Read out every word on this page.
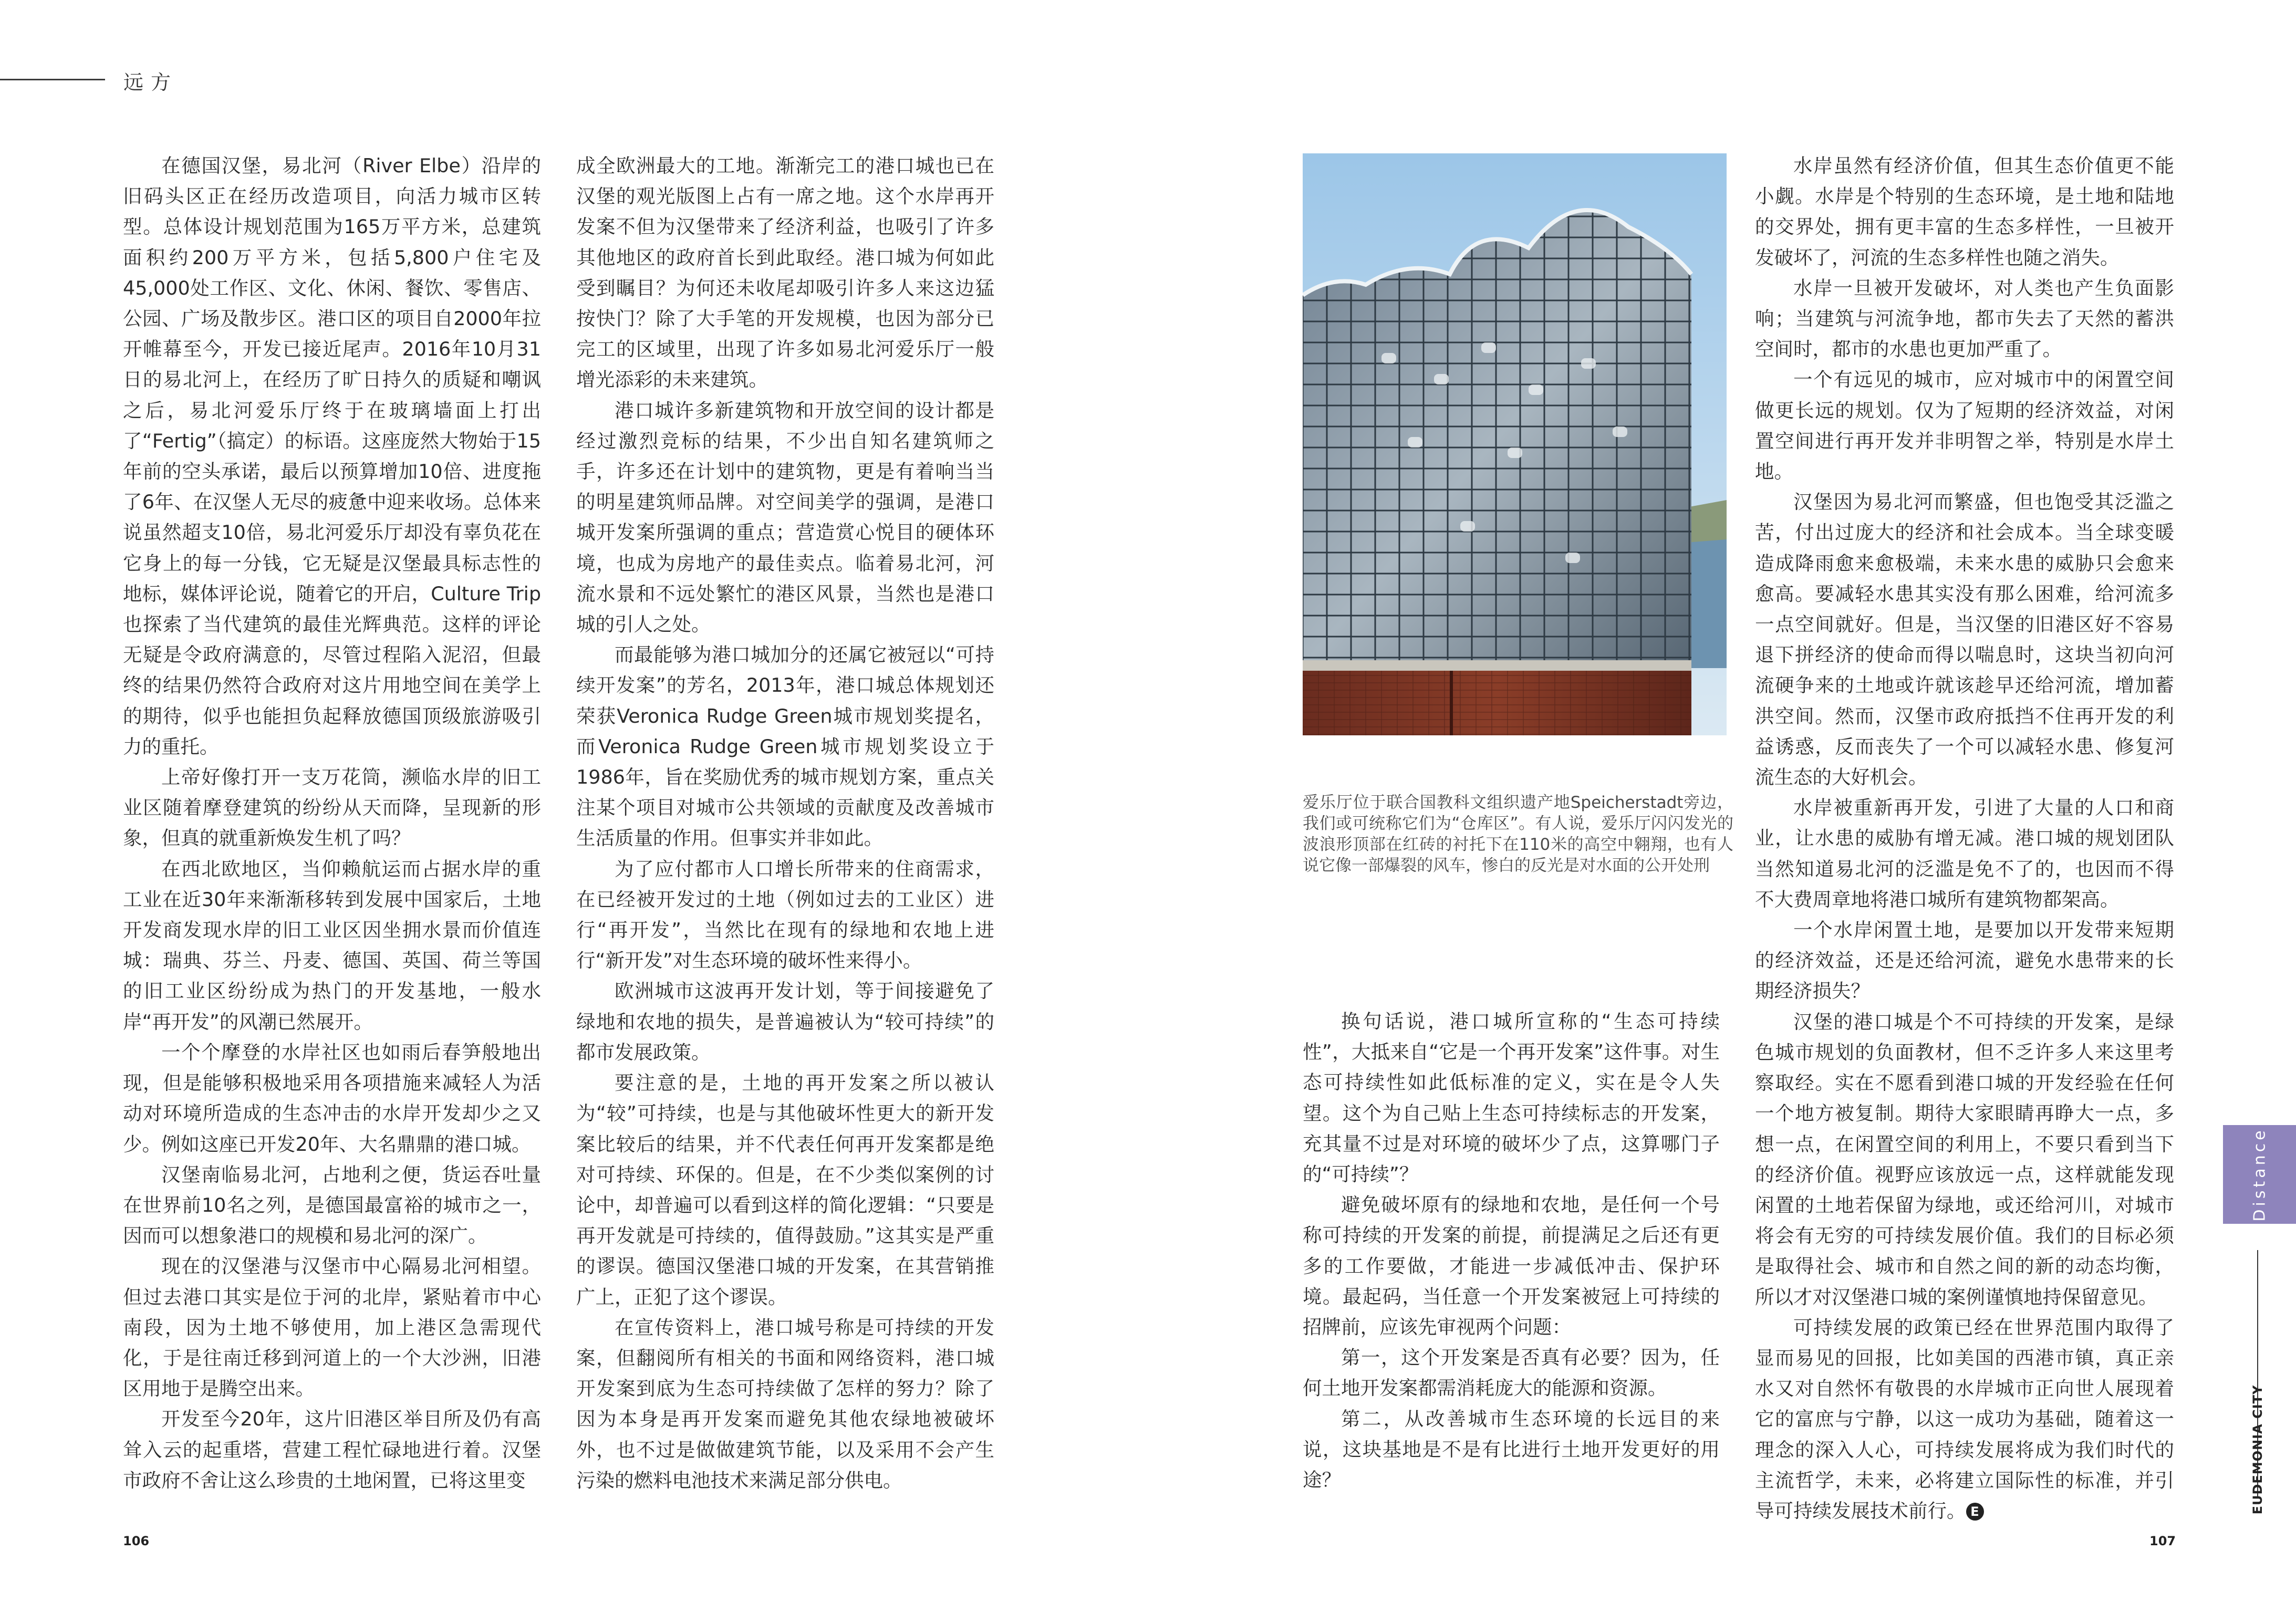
远方

在德国汉堡，易北河（River Elbe）沿岸的旧码头区正在经历改造项目，向活力城市区转型。总体设计规划范围为165万平方米，总建筑面积约200万平方米，包括5,800户住宅及45,000处工作区、文化、休闲、餐饮、零售店、公园、广场及散步区。港口区的项目自2000年拉开帷幕至今，开发已接近尾声。2016年10月31日的易北河上，在经历了旷日持久的质疑和嘲讽之后，易北河爱乐厅终于在玻璃墙面上打出了“Fertig”（搞定）的标语。这座庞然大物始于15年前的空头承诺，最后以预算增加10倍、进度拖了6年、在汉堡人无尽的疲惫中迎来收场。总体来说虽然超支10倍，易北河爱乐厅却没有辜负花在它身上的每一分钱，它无疑是汉堡最具标志性的地标，媒体评论说，随着它的开启，Culture Trip也探索了当代建筑的最佳光辉典范。这样的评论无疑是令政府满意的，尽管过程陷入泥沼，但最终的结果仍然符合政府对这片用地空间在美学上的期待，似乎也能担负起释放德国顶级旅游吸引力的重托。

上帝好像打开一支万花筒，濒临水岸的旧工业区随着摩登建筑的纷纷从天而降，呈现新的形象，但真的就重新焕发生机了吗？

在西北欧地区，当仰赖航运而占据水岸的重工业在近30年来渐渐移转到发展中国家后，土地开发商发现水岸的旧工业区因坐拥水景而价值连城：瑞典、芬兰、丹麦、德国、英国、荷兰等国的旧工业区纷纷成为热门的开发基地，一般水岸“再开发”的风潮已然展开。

一个个摩登的水岸社区也如雨后春笋般地出现，但是能够积极地采用各项措施来减轻人为活动对环境所造成的生态冲击的水岸开发却少之又少。例如这座已开发20年、大名鼎鼎的港口城。

汉堡南临易北河，占地利之便，货运吞吐量在世界前10名之列，是德国最富裕的城市之一，因而可以想象港口的规模和易北河的深广。

现在的汉堡港与汉堡市中心隔易北河相望。但过去港口其实是位于河的北岸，紧贴着市中心南段，因为土地不够使用，加上港区急需现代化，于是往南迁移到河道上的一个大沙洲，旧港区用地于是腾空出来。

开发至今20年，这片旧港区举目所及仍有高耸入云的起重塔，营建工程忙碌地进行着。汉堡市政府不舍让这么珍贵的土地闲置，已将这里变

成全欧洲最大的工地。渐渐完工的港口城也已在汉堡的观光版图上占有一席之地。这个水岸再开发案不但为汉堡带来了经济利益，也吸引了许多其他地区的政府首长到此取经。港口城为何如此受到瞩目？为何还未收尾却吸引许多人来这边猛按快门？除了大手笔的开发规模，也因为部分已完工的区域里，出现了许多如易北河爱乐厅一般增光添彩的未来建筑。

港口城许多新建筑物和开放空间的设计都是经过激烈竞标的结果，不少出自知名建筑师之手，许多还在计划中的建筑物，更是有着响当当的明星建筑师品牌。对空间美学的强调，是港口城开发案所强调的重点；营造赏心悦目的硬体环境，也成为房地产的最佳卖点。临着易北河，河流水景和不远处繁忙的港区风景，当然也是港口城的引人之处。

而最能够为港口城加分的还属它被冠以“可持续开发案”的芳名，2013年，港口城总体规划还荣获Veronica Rudge Green城市规划奖提名，而Veronica Rudge Green城市规划奖设立于1986年，旨在奖励优秀的城市规划方案，重点关注某个项目对城市公共领域的贡献度及改善城市生活质量的作用。但事实并非如此。

为了应付都市人口增长所带来的住商需求，在已经被开发过的土地（例如过去的工业区）进行“再开发”，当然比在现有的绿地和农地上进行“新开发”对生态环境的破坏性来得小。

欧洲城市这波再开发计划，等于间接避免了绿地和农地的损失，是普遍被认为“较可持续”的都市发展政策。

要注意的是，土地的再开发案之所以被认为“较”可持续，也是与其他破坏性更大的新开发案比较后的结果，并不代表任何再开发案都是绝对可持续、环保的。但是，在不少类似案例的讨论中，却普遍可以看到这样的简化逻辑：“只要是再开发就是可持续的，值得鼓励。”这其实是严重的谬误。德国汉堡港口城的开发案，在其营销推广上，正犯了这个谬误。

在宣传资料上，港口城号称是可持续的开发案，但翻阅所有相关的书面和网络资料，港口城开发案到底为生态可持续做了怎样的努力？除了因为本身是再开发案而避免其他农绿地被破坏外，也不过是做做建筑节能，以及采用不会产生污染的燃料电池技术来满足部分供电。

爱乐厅位于联合国教科文组织遗产地Speicherstadt旁边，我们或可统称它们为“仓库区”。有人说，爱乐厅闪闪发光的波浪形顶部在红砖的衬托下在110米的高空中翱翔，也有人说它像一部爆裂的风车，惨白的反光是对水面的公开处刑

换句话说，港口城所宣称的“生态可持续性”，大抵来自“它是一个再开发案”这件事。对生态可持续性如此低标准的定义，实在是令人失望。这个为自己贴上生态可持续标志的开发案，充其量不过是对环境的破坏少了点，这算哪门子的“可持续”？

避免破坏原有的绿地和农地，是任何一个号称可持续的开发案的前提，前提满足之后还有更多的工作要做，才能进一步减低冲击、保护环境。最起码，当任意一个开发案被冠上可持续的招牌前，应该先审视两个问题：

第一，这个开发案是否真有必要？因为，任何土地开发案都需消耗庞大的能源和资源。

第二，从改善城市生态环境的长远目的来说，这块基地是不是有比进行土地开发更好的用途？

水岸虽然有经济价值，但其生态价值更不能小觑。水岸是个特别的生态环境，是土地和陆地的交界处，拥有更丰富的生态多样性，一旦被开发破坏了，河流的生态多样性也随之消失。

水岸一旦被开发破坏，对人类也产生负面影响；当建筑与河流争地，都市失去了天然的蓄洪空间时，都市的水患也更加严重了。

一个有远见的城市，应对城市中的闲置空间做更长远的规划。仅为了短期的经济效益，对闲置空间进行再开发并非明智之举，特别是水岸土地。

汉堡因为易北河而繁盛，但也饱受其泛滥之苦，付出过庞大的经济和社会成本。当全球变暖造成降雨愈来愈极端，未来水患的威胁只会愈来愈高。要减轻水患其实没有那么困难，给河流多一点空间就好。但是，当汉堡的旧港区好不容易退下拼经济的使命而得以喘息时，这块当初向河流硬争来的土地或许就该趁早还给河流，增加蓄洪空间。然而，汉堡市政府抵挡不住再开发的利益诱惑，反而丧失了一个可以减轻水患、修复河流生态的大好机会。

水岸被重新再开发，引进了大量的人口和商业，让水患的威胁有增无减。港口城的规划团队当然知道易北河的泛滥是免不了的，也因而不得不大费周章地将港口城所有建筑物都架高。

一个水岸闲置土地，是要加以开发带来短期的经济效益，还是还给河流，避免水患带来的长期经济损失？

汉堡的港口城是个不可持续的开发案，是绿色城市规划的负面教材，但不乏许多人来这里考察取经。实在不愿看到港口城的开发经验在任何一个地方被复制。期待大家眼睛再睁大一点，多想一点，在闲置空间的利用上，不要只看到当下的经济价值。视野应该放远一点，这样就能发现闲置的土地若保留为绿地，或还给河川，对城市将会有无穷的可持续发展价值。我们的目标必须是取得社会、城市和自然之间的新的动态均衡，所以才对汉堡港口城的案例谨慎地持保留意见。

可持续发展的政策已经在世界范围内取得了显而易见的回报，比如美国的西港市镇，真正亲水又对自然怀有敬畏的水岸城市正向世人展现着它的富庶与宁静，以这一成功为基础，随着这一理念的深入人心，可持续发展将成为我们时代的主流哲学，未来，必将建立国际性的标准，并引导可持续发展技术前行。 E

106	107
Distance
EUDEMONIA CITY
